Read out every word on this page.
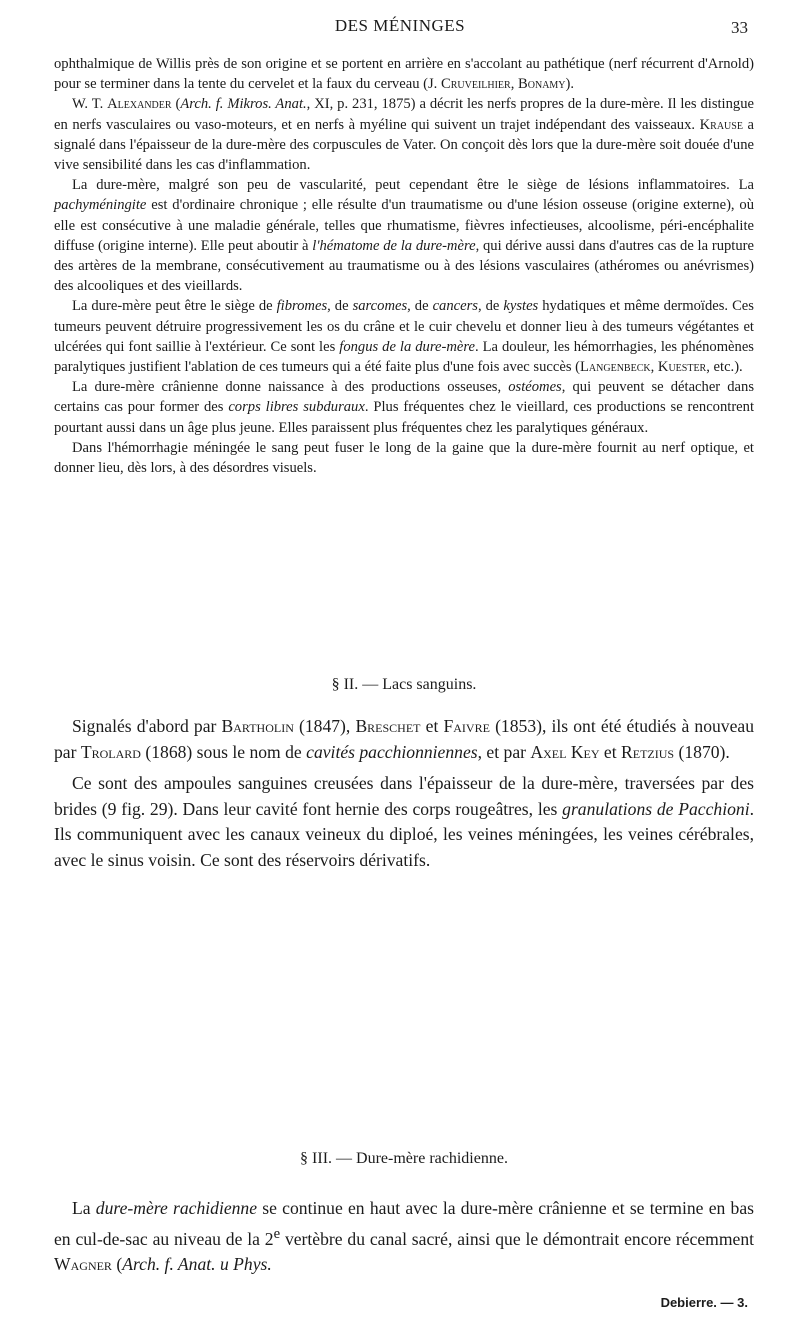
DES MÉNINGES	33

ophthalmique de Willis près de son origine et se portent en arrière en s'accolant au pathétique (nerf récurrent d'Arnold) pour se terminer dans la tente du cervelet et la faux du cerveau (J. Cruveilhier, Bonamy).

W. T. Alexander (Arch. f. Mikros. Anat., XI, p. 231, 1875) a décrit les nerfs propres de la dure-mère. Il les distingue en nerfs vasculaires ou vaso-moteurs, et en nerfs à myéline qui suivent un trajet indépendant des vaisseaux. Krause a signalé dans l'épaisseur de la dure-mère des corpuscules de Vater. On conçoit dès lors que la dure-mère soit douée d'une vive sensibilité dans les cas d'inflammation.

La dure-mère, malgré son peu de vascularité, peut cependant être le siège de lésions inflammatoires. La pachyméningite est d'ordinaire chronique ; elle résulte d'un traumatisme ou d'une lésion osseuse (origine externe), où elle est consécutive à une maladie générale, telles que rhumatisme, fièvres infectieuses, alcoolisme, péri-encéphalite diffuse (origine interne). Elle peut aboutir à l'hématome de la dure-mère, qui dérive aussi dans d'autres cas de la rupture des artères de la membrane, consécutivement au traumatisme ou à des lésions vasculaires (athéromes ou anévrismes) des alcooliques et des vieillards.

La dure-mère peut être le siège de fibromes, de sarcomes, de cancers, de kystes hydatiques et même dermoïdes. Ces tumeurs peuvent détruire progressivement les os du crâne et le cuir chevelu et donner lieu à des tumeurs végétantes et ulcérées qui font saillie à l'extérieur. Ce sont les fongus de la dure-mère. La douleur, les hémorrhagies, les phénomènes paralytiques justifient l'ablation de ces tumeurs qui a été faite plus d'une fois avec succès (Langenbeck, Kuester, etc.).

La dure-mère crânienne donne naissance à des productions osseuses, ostéomes, qui peuvent se détacher dans certains cas pour former des corps libres subduraux. Plus fréquentes chez le vieillard, ces productions se rencontrent pourtant aussi dans un âge plus jeune. Elles paraissent plus fréquentes chez les paralytiques généraux.

Dans l'hémorrhagie méningée le sang peut fuser le long de la gaine que la dure-mère fournit au nerf optique, et donner lieu, dès lors, à des désordres visuels.

§ II. — Lacs sanguins.

Signalés d'abord par Bartholin (1847), Breschet et Faivre (1853), ils ont été étudiés à nouveau par Trolard (1868) sous le nom de cavités pacchionniennes, et par Axel Key et Retzius (1870).

Ce sont des ampoules sanguines creusées dans l'épaisseur de la dure-mère, traversées par des brides (9 fig. 29). Dans leur cavité font hernie des corps rougeâtres, les granulations de Pacchioni. Ils communiquent avec les canaux veineux du diploé, les veines méningées, les veines cérébrales, avec le sinus voisin. Ce sont des réservoirs dérivatifs.

§ III. — Dure-mère rachidienne.

La dure-mère rachidienne se continue en haut avec la dure-mère crânienne et se termine en bas en cul-de-sac au niveau de la 2e vertèbre du canal sacré, ainsi que le démontrait encore récemment Wagner (Arch. f. Anat. u Phys.

Debierre. — 3.
